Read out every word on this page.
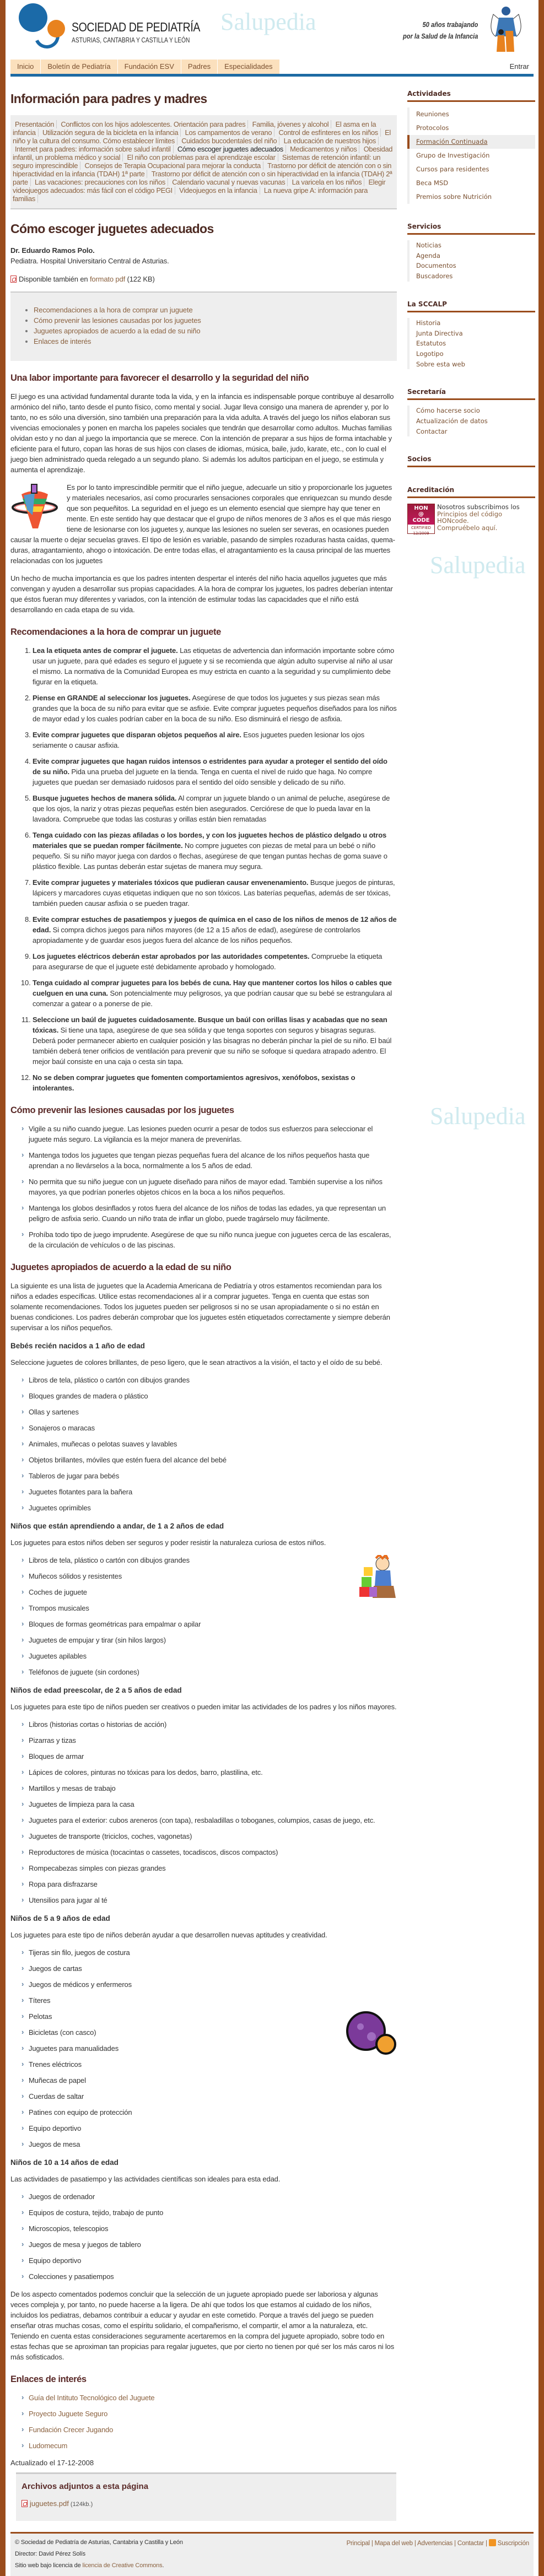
Salupedia
Salupedia
Salupedia
SOCIEDAD DE PEDIATRÍA
ASTURIAS, CANTABRIA Y CASTILLA Y LEÓN
50 años trabajando
por la Salud de la Infancia
Inicio	Boletín de Pediatría	Fundación ESV	Padres	Especialidades	Entrar
Información para padres y madres
Presentación Conflictos con los hijos adolescentes. Orientación para padres Familia, jóvenes y alcohol El asma en la infancia Utilización segura de la bicicleta en la infancia Los campamentos de verano Control de esfínteres en los niños El niño y la cultura del consumo. Cómo establecer límites Cuidados bucodentales del niño La educación de nuestros hijos Internet para padres: información sobre salud infantil Cómo escoger juguetes adecuados Medicamentos y niños Obesidad infantil, un problema médico y social El niño con problemas para el aprendizaje escolar Sistemas de retención infantil: un seguro imprescindible Consejos de Terapia Ocupacional para mejorar la conducta Trastorno por déficit de atención con o sin hiperactividad en la infancia (TDAH) 1ª parte Trastorno por déficit de atención con o sin hiperactividad en la infancia (TDAH) 2ª parte Las vacaciones: precauciones con los niños Calendario vacunal y nuevas vacunas La varicela en los niños Elegir videojuegos adecuados: más fácil con el código PEGI Videojuegos en la infancia La nueva gripe A: información para familias
Cómo escoger juguetes adecuados

Dr. Eduardo Ramos Polo.

Pediatra. Hospital Universitario Central de Asturias.

Disponible también en formato pdf (122 KB)

• Recomendaciones a la hora de comprar un juguete
• Cómo prevenir las lesiones causadas por los juguetes
• Juguetes apropiados de acuerdo a la edad de su niño
• Enlaces de interés
Una labor importante para favorecer el desarrollo y la seguridad del niño

El juego es una actividad fundamental durante toda la vida, y en la infancia es indispensable porque contribuye al desarrollo armónico del niño, tanto desde el punto físico, como mental y social. Jugar lleva consigo una manera de aprender y, por lo tanto, no es sólo una diversión, sino también una preparación para la vida adulta. A través del juego los niños elaboran sus vivencias emocionales y ponen en marcha los papeles sociales que tendrán que desarrollar como adultos. Muchas familias olvidan esto y no dan al juego la importancia que se merece. Con la intención de preparar a sus hijos de forma intachable y eficiente para el futuro, copan las horas de sus hijos con clases de idiomas, música, baile, judo, karate, etc., con lo cual el juego bien administrado queda relegado a un segundo plano. Si además los adultos participan en el juego, se estimula y aumenta el aprendizaje.

Es por lo tanto imprescindible permitir que el niño juegue, adecuarle un sitio y proporcionarle los juguetes y materiales necesarios, así como procurarles sensaciones corporales que enriquezcan su mundo desde que son pequeñitos. La seguridad en el juego es un elemento esencial que siempre hay que tener en mente. En este sentido hay que destacar que el grupo de niños menores de 3 años es el que más riesgo tiene de lesionarse con los juguetes y, aunque las lesiones no suelen ser severas, en ocasiones pueden causar la muerte o dejar secuelas graves. El tipo de lesión es variable, pasando de simples rozaduras hasta caídas, quema-duras, atragantamiento, ahogo o intoxicación. De entre todas ellas, el atragantamiento es la causa principal de las muertes relacionadas con los juguetes

Un hecho de mucha importancia es que los padres intenten despertar el interés del niño hacia aquellos juguetes que más convengan y ayuden a desarrollar sus propias capacidades. A la hora de comprar los juguetes, los padres deberían intentar que éstos fueran muy diferentes y variados, con la intención de estimular todas las capacidades que el niño está desarrollando en cada etapa de su vida.

Recomendaciones a la hora de comprar un juguete
1. Lea la etiqueta antes de comprar el juguete. Las etiquetas de advertencia dan información importante sobre cómo usar un juguete, para qué edades es seguro el juguete y si se recomienda que algún adulto supervise al niño al usar el mismo. La normativa de la Comunidad Europea es muy estricta en cuanto a la seguridad y su cumplimiento debe figurar en la etiqueta.
2. Piense en GRANDE al seleccionar los juguetes. Asegúrese de que todos los juguetes y sus piezas sean más grandes que la boca de su niño para evitar que se asfixie. Evite comprar juguetes pequeños diseñados para los niños de mayor edad y los cuales podrían caber en la boca de su niño. Eso disminuirá el riesgo de asfixia.
3. Evite comprar juguetes que disparan objetos pequeños al aire. Esos juguetes pueden lesionar los ojos seriamente o causar asfixia.
4. Evite comprar juguetes que hagan ruidos intensos o estridentes para ayudar a proteger el sentido del oído de su niño. Pida una prueba del juguete en la tienda. Tenga en cuenta el nivel de ruido que haga. No compre juguetes que puedan ser demasiado ruidosos para el sentido del oído sensible y delicado de su niño.
5. Busque juguetes hechos de manera sólida. Al comprar un juguete blando o un animal de peluche, asegúrese de que los ojos, la nariz y otras piezas pequeñas estén bien asegurados. Cerciórese de que lo pueda lavar en la lavadora. Compruebe que todas las costuras y orillas están bien rematadas
6. Tenga cuidado con las piezas afiladas o los bordes, y con los juguetes hechos de plástico delgado u otros materiales que se puedan romper fácilmente. No compre juguetes con piezas de metal para un bebé o niño pequeño. Si su niño mayor juega con dardos o flechas, asegúrese de que tengan puntas hechas de goma suave o plástico flexible. Las puntas deberán estar sujetas de manera muy segura.
7. Evite comprar juguetes y materiales tóxicos que pudieran causar envenenamiento. Busque juegos de pinturas, lápicers y marcadores cuyas etiquetas indiquen que no son tóxicos. Las baterías pequeñas, además de ser tóxicas, también pueden causar asfixia o se pueden tragar.
8. Evite comprar estuches de pasatiempos y juegos de química en el caso de los niños de menos de 12 años de edad. Si compra dichos juegos para niños mayores (de 12 a 15 años de edad), asegúrese de controlarlos apropiadamente y de guardar esos juegos fuera del alcance de los niños pequeños.
9. Los juguetes eléctricos deberán estar aprobados por las autoridades competentes. Compruebe la etiqueta para asegurarse de que el juguete esté debidamente aprobado y homologado.
10. Tenga cuidado al comprar juguetes para los bebés de cuna. Hay que mantener cortos los hilos o cables que cuelguen en una cuna. Son potencialmente muy peligrosos, ya que podrían causar que su bebé se estrangulara al comenzar a gatear o a ponerse de pie.
11. Seleccione un baúl de juguetes cuidadosamente. Busque un baúl con orillas lisas y acabadas que no sean tóxicas. Si tiene una tapa, asegúrese de que sea sólida y que tenga soportes con seguros y bisagras seguras. Deberá poder permanecer abierto en cualquier posición y las bisagras no deberán pinchar la piel de su niño. El baúl también deberá tener orificios de ventilación para prevenir que su niño se sofoque si quedara atrapado adentro. El mejor baúl consiste en una caja o cesta sin tapa.
12. No se deben comprar juguetes que fomenten comportamientos agresivos, xenófobos, sexistas o intolerantes.
Cómo prevenir las lesiones causadas por los juguetes
› Vigile a su niño cuando juegue. Las lesiones pueden ocurrir a pesar de todos sus esfuerzos para seleccionar el juguete más seguro. La vigilancia es la mejor manera de prevenirlas.
› Mantenga todos los juguetes que tengan piezas pequeñas fuera del alcance de los niños pequeños hasta que aprendan a no llevárselos a la boca, normalmente a los 5 años de edad.
› No permita que su niño juegue con un juguete diseñado para niños de mayor edad. También supervise a los niños mayores, ya que podrían ponerles objetos chicos en la boca a los niños pequeños.
› Mantenga los globos desinflados y rotos fuera del alcance de los niños de todas las edades, ya que representan un peligro de asfixia serio. Cuando un niño trata de inflar un globo, puede tragárselo muy fácilmente.
› Prohíba todo tipo de juego imprudente. Asegúrese de que su niño nunca juegue con juguetes cerca de las escaleras, de la circulación de vehículos o de las piscinas.
Juguetes apropiados de acuerdo a la edad de su niño

La siguiente es una lista de juguetes que la Academia Americana de Pediatría y otros estamentos recomiendan para los niños a edades específicas. Utilice estas recomendaciones al ir a comprar juguetes. Tenga en cuenta que estas son solamente recomendaciones. Todos los juguetes pueden ser peligrosos si no se usan apropiadamente o si no están en buenas condiciones. Los padres deberán comprobar que los juguetes estén etiquetados correctamente y siempre deberán supervisar a los niños pequeños.

Bebés recién nacidos a 1 año de edad

Seleccione juguetes de colores brillantes, de peso ligero, que le sean atractivos a la visión, el tacto y el oído de su bebé.

› Libros de tela, plástico o cartón con dibujos grandes
› Bloques grandes de madera o plástico
› Ollas y sartenes
› Sonajeros o maracas
› Animales, muñecas o pelotas suaves y lavables
› Objetos brillantes, móviles que estén fuera del alcance del bebé
› Tableros de jugar para bebés
› Juguetes flotantes para la bañera
› Juguetes oprimibles
Niños que están aprendiendo a andar, de 1 a 2 años de edad

Los juguetes para estos niños deben ser seguros y poder resistir la naturaleza curiosa de estos niños.

› Libros de tela, plástico o cartón con dibujos grandes
› Muñecos sólidos y resistentes
› Coches de juguete
› Trompos musicales
› Bloques de formas geométricas para empalmar o apilar
› Juguetes de empujar y tirar (sin hilos largos)
› Juguetes apilables
› Teléfonos de juguete (sin cordones)
Niños de edad preescolar, de 2 a 5 años de edad

Los juguetes para este tipo de niños pueden ser creativos o pueden imitar las actividades de los padres y los niños mayores.

› Libros (historias cortas o historias de acción)
› Pizarras y tizas
› Bloques de armar
› Lápices de colores, pinturas no tóxicas para los dedos, barro, plastilina, etc.
› Martillos y mesas de trabajo
› Juguetes de limpieza para la casa
› Juguetes para el exterior: cubos areneros (con tapa), resbaladillas o toboganes, columpios, casas de juego, etc.
› Juguetes de transporte (triciclos, coches, vagonetas)
› Reproductores de música (tocacintas o cassetes, tocadiscos, discos compactos)
› Rompecabezas simples con piezas grandes
› Ropa para disfrazarse
› Utensilios para jugar al té
Niños de 5 a 9 años de edad

Los juguetes para este tipo de niños deberán ayudar a que desarrollen nuevas aptitudes y creatividad.

› Tijeras sin filo, juegos de costura
› Juegos de cartas
› Juegos de médicos y enfermeros
› Títeres
› Pelotas
› Bicicletas (con casco)
› Juguetes para manualidades
› Trenes eléctricos
› Muñecas de papel
› Cuerdas de saltar
› Patines con equipo de protección
› Equipo deportivo
› Juegos de mesa
Niños de 10 a 14 años de edad

Las actividades de pasatiempo y las actividades científicas son ideales para esta edad.

› Juegos de ordenador
› Equipos de costura, tejido, trabajo de punto
› Microscopios, telescopios
› Juegos de mesa y juegos de tablero
› Equipo deportivo
› Colecciones y pasatiempos

De los aspecto comentados podemos concluir que la selección de un juguete apropiado puede ser laboriosa y algunas veces compleja y, por tanto, no puede hacerse a la ligera. De ahí que todos los que estamos al cuidado de los niños, incluidos los pediatras, debamos contribuir a educar y ayudar en este cometido. Porque a través del juego se pueden enseñar otras muchas cosas, como el espíritu solidario, el compañerismo, el compartir, el amor a la naturaleza, etc. Teniendo en cuenta estas consideraciones seguramente acertaremos en la compra del juguete apropiado, sobre todo en estas fechas que se aproximan tan propicias para regalar juguetes, que por cierto no tienen por qué ser los más caros ni los más sofisticados.

Enlaces de interés
› Guía del Intituto Tecnológico del Juguete
› Proyecto Juguete Seguro
› Fundación Crecer Jugando
› Ludomecum
Actualizado el 17-12-2008
Archivos adjuntos a esta página
juguetes.pdf (124kb.)
Actividades
Reuniones
Protocolos
Formación Continuada
Grupo de Investigación
Cursos para residentes
Beca MSD
Premios sobre Nutrición
Servicios
Noticias
Agenda
Documentos
Buscadores
La SCCALP
Historia
Junta Directiva
Estatutos
Logotipo
Sobre esta web
Secretaría
Cómo hacerse socio
Actualización de datos
Contactar
Socios
Acreditación
HON
@
CODE
CERTIFIED
12/2009
Nosotros subscribimos los
Principios del código HONcode.
Compruébelo aquí.

© Sociedad de Pediatría de Asturias, Cantabria y Castilla y León	Principal | Mapa del web | Advertencias | Contactar |  Suscripción

Director: David Pérez Solís

Sitio web bajo licencia de licencia de Creative Commons.
